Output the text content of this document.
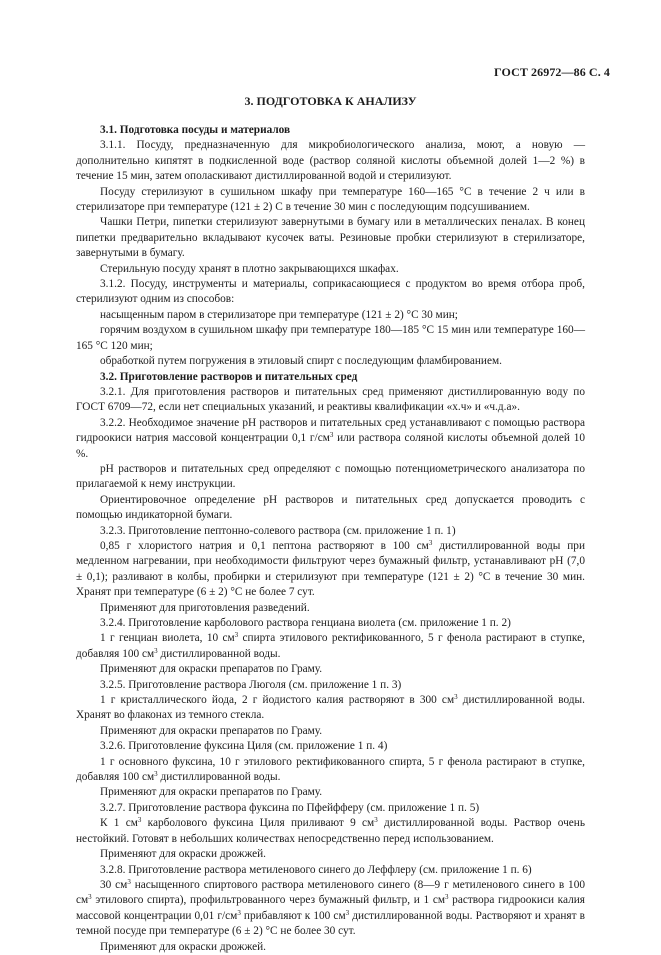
ГОСТ 26972—86 С. 4
3. ПОДГОТОВКА К АНАЛИЗУ

3.1. Подготовка посуды и материалов

3.1.1. Посуду, предназначенную для микробиологического анализа, моют, а новую — дополнительно кипятят в подкисленной воде (раствор соляной кислоты объемной долей 1—2 %) в течение 15 мин, затем ополаскивают дистиллированной водой и стерилизуют.

Посуду стерилизуют в сушильном шкафу при температуре 160—165 °С в течение 2 ч или в стерилизаторе при температуре (121 ± 2) С в течение 30 мин с последующим подсушиванием.

Чашки Петри, пипетки стерилизуют завернутыми в бумагу или в металлических пеналах. В конец пипетки предварительно вкладывают кусочек ваты. Резиновые пробки стерилизуют в стерилизаторе, завернутыми в бумагу.

Стерильную посуду хранят в плотно закрывающихся шкафах.

3.1.2. Посуду, инструменты и материалы, соприкасающиеся с продуктом во время отбора проб, стерилизуют одним из способов:

насыщенным паром в стерилизаторе при температуре (121 ± 2) °С 30 мин;

горячим воздухом в сушильном шкафу при температуре 180—185 °С 15 мин или температуре 160—165 °С 120 мин;

обработкой путем погружения в этиловый спирт с последующим фламбированием.

3.2. Приготовление растворов и питательных сред

3.2.1. Для приготовления растворов и питательных сред применяют дистиллированную воду по ГОСТ 6709—72, если нет специальных указаний, и реактивы квалификации «х.ч» и «ч.д.а».

3.2.2. Необходимое значение pH растворов и питательных сред устанавливают с помощью раствора гидроокиси натрия массовой концентрации 0,1 $г/см^3$ или раствора соляной кислоты объемной долей 10 %.

pH растворов и питательных сред определяют с помощью потенциометрического анализатора по прилагаемой к нему инструкции.

Ориентировочное определение pH растворов и питательных сред допускается проводить с помощью индикаторной бумаги.

3.2.3. Приготовление пептонно-солевого раствора (см. приложение 1 п. 1)

0,85 г хлористого натрия и 0,1 пептона растворяют в 100 $см^3$ дистиллированной воды при медленном нагревании, при необходимости фильтруют через бумажный фильтр, устанавливают pH (7,0 ± 0,1); разливают в колбы, пробирки и стерилизуют при температуре (121 ± 2) °С в течение 30 мин. Хранят при температуре (6 ± 2) °С не более 7 сут.

Применяют для приготовления разведений.

3.2.4. Приготовление карболового раствора генциана виолета (см. приложение 1 п. 2)

1 г генциан виолета, 10 $см^3$ спирта этилового ректификованного, 5 г фенола растирают в ступке, добавляя 100 $см^3$ дистиллированной воды.

Применяют для окраски препаратов по Граму.

3.2.5. Приготовление раствора Люголя (см. приложение 1 п. 3)

1 г кристаллического йода, 2 г йодистого калия растворяют в 300 $см^3$ дистиллированной воды. Хранят во флаконах из темного стекла.

Применяют для окраски препаратов по Граму.

3.2.6. Приготовление фуксина Циля (см. приложение 1 п. 4)

1 г основного фуксина, 10 г этилового ректификованного спирта, 5 г фенола растирают в ступке, добавляя 100 $см^3$ дистиллированной воды.

Применяют для окраски препаратов по Граму.

3.2.7. Приготовление раствора фуксина по Пфейфферу (см. приложение 1 п. 5)

К 1 $см^3$ карболового фуксина Циля приливают 9 $см^3$ дистиллированной воды. Раствор очень нестойкий. Готовят в небольших количествах непосредственно перед использованием.

Применяют для окраски дрожжей.

3.2.8. Приготовление раствора метиленового синего до Леффлеру (см. приложение 1 п. 6)

30 $см^3$ насыщенного спиртового раствора метиленового синего (8—9 г метиленового синего в 100 $см^3$ этилового спирта), профильтрованного через бумажный фильтр, и 1 $см^3$ раствора гидроокиси калия массовой концентрации 0,01 $г/см^3$ прибавляют к 100 $см^3$ дистиллированной воды. Растворяют и хранят в темной посуде при температуре (6 ± 2) °С не более 30 сут.

Применяют для окраски дрожжей.
